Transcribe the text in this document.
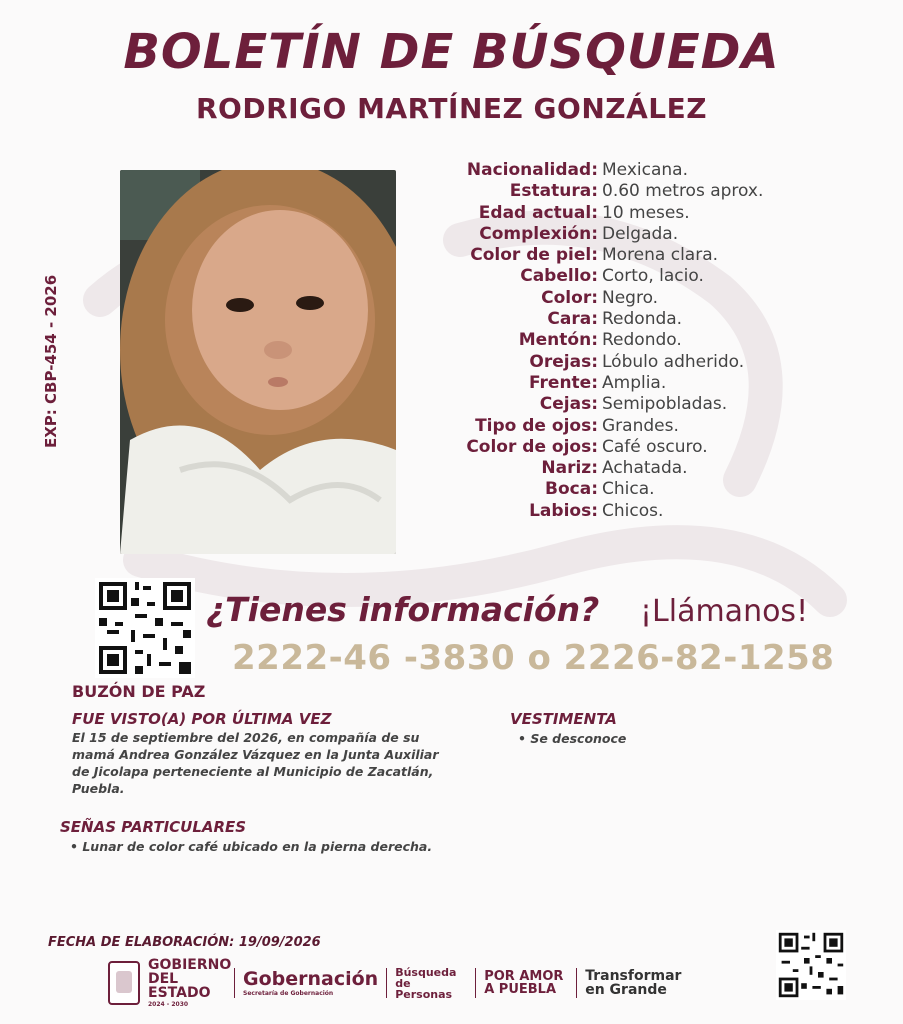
BOLETÍN DE BÚSQUEDA
RODRIGO MARTÍNEZ GONZÁLEZ
EXP: CBP-454 - 2026
Nacionalidad: Mexicana.
Estatura: 0.60 metros aprox.
Edad actual: 10 meses.
Complexión: Delgada.
Color de piel: Morena clara.
Cabello: Corto, lacio.
Color: Negro.
Cara: Redonda.
Mentón: Redondo.
Orejas: Lóbulo adherido.
Frente: Amplia.
Cejas: Semipobladas.
Tipo de ojos: Grandes.
Color de ojos: Café oscuro.
Nariz: Achatada.
Boca: Chica.
Labios: Chicos.
BUZÓN DE PAZ
¿Tienes información? ¡Llámanos!
2222-46 -3830 o 2226-82-1258
FUE VISTO(A) POR ÚLTIMA VEZ
El 15 de septiembre del 2026, en compañía de su
mamá Andrea González Vázquez en la Junta Auxiliar
de Jicolapa perteneciente al Municipio de Zacatlán,
Puebla.
VESTIMENTA
• Se desconoce
SEÑAS PARTICULARES
• Lunar de color café ubicado en la pierna derecha.
FECHA DE ELABORACIÓN: 19/09/2026
GOBIERNO DEL ESTADO
2024 - 2030
Gobernación
Secretaría de Gobernación
Búsqueda de Personas
POR AMOR A PUEBLA
Transformar en Grande
